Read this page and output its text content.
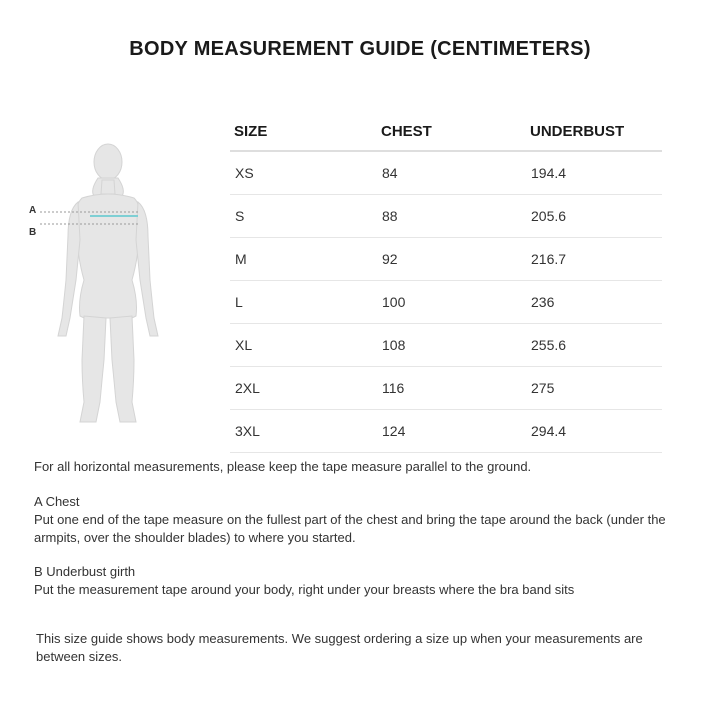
BODY MEASUREMENT GUIDE (CENTIMETERS)
A
B
SIZE	CHEST	UNDERBUST
XS	84	194.4
S	88	205.6
M	92	216.7
L	100	236
XL	108	255.6
2XL	116	275
3XL	124	294.4
For all horizontal measurements, please keep the tape measure parallel to the ground.
A Chest
Put one end of the tape measure on the fullest part of the chest and bring the tape around the back (under the armpits, over the shoulder blades) to where you started.
B Underbust girth
Put the measurement tape around your body, right under your breasts where the bra band sits
This size guide shows body measurements. We suggest ordering a size up when your measurements are between sizes.
